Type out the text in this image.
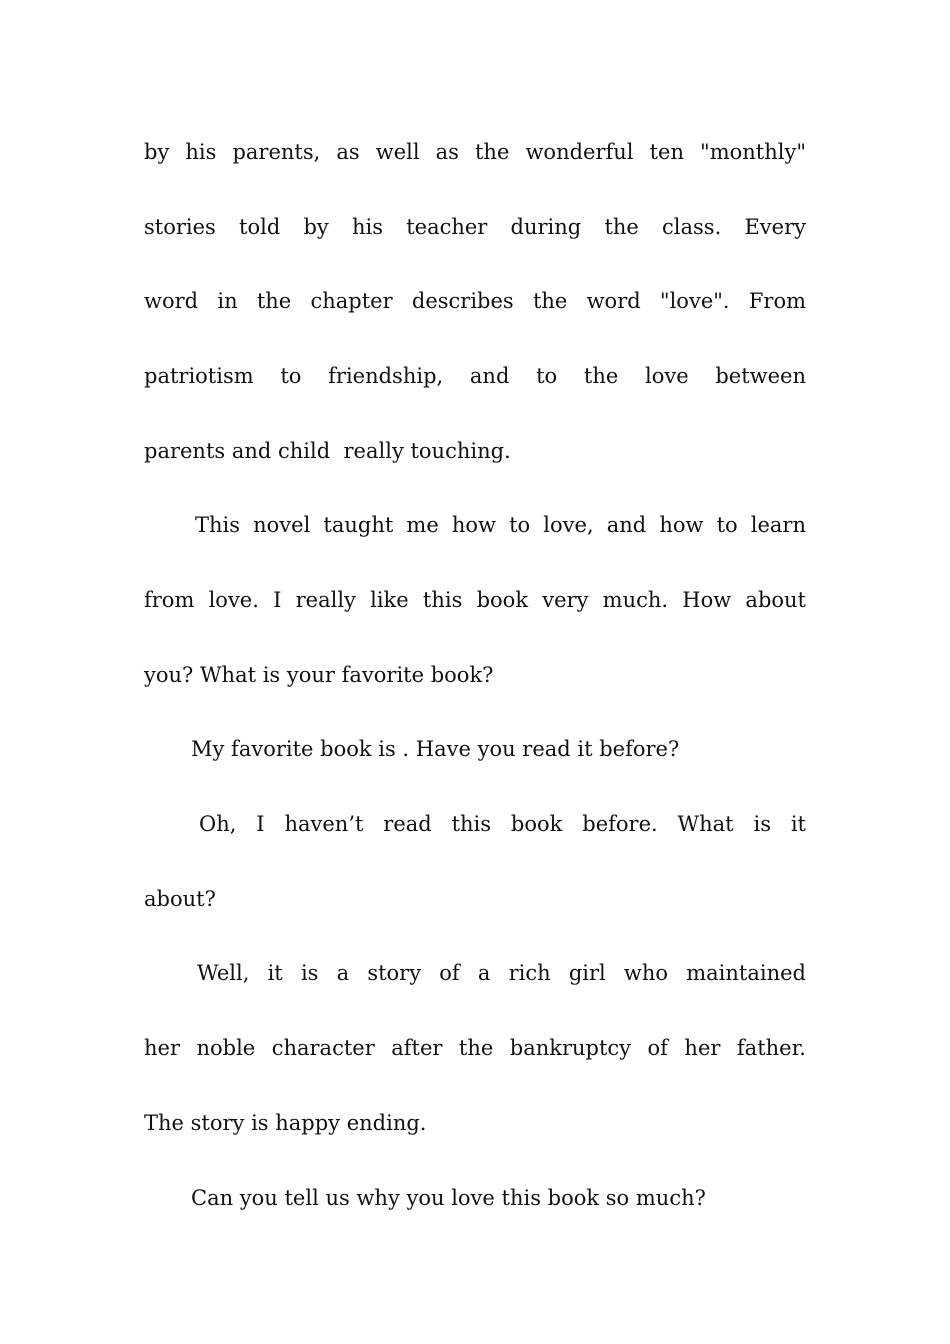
by his parents, as well as the wonderful ten "monthly"
stories told by his teacher during the class. Every
word in the chapter describes the word "love". From
patriotism to friendship, and to the love between
parents and child  really touching.
This novel taught me how to love, and how to learn
from love. I really like this book very much. How about
you? What is your favorite book?
My favorite book is . Have you read it before?
Oh, I haven’t read this book before. What is it
about?
Well, it is a story of a rich girl who maintained
her noble character after the bankruptcy of her father.
The story is happy ending.
Can you tell us why you love this book so much?
